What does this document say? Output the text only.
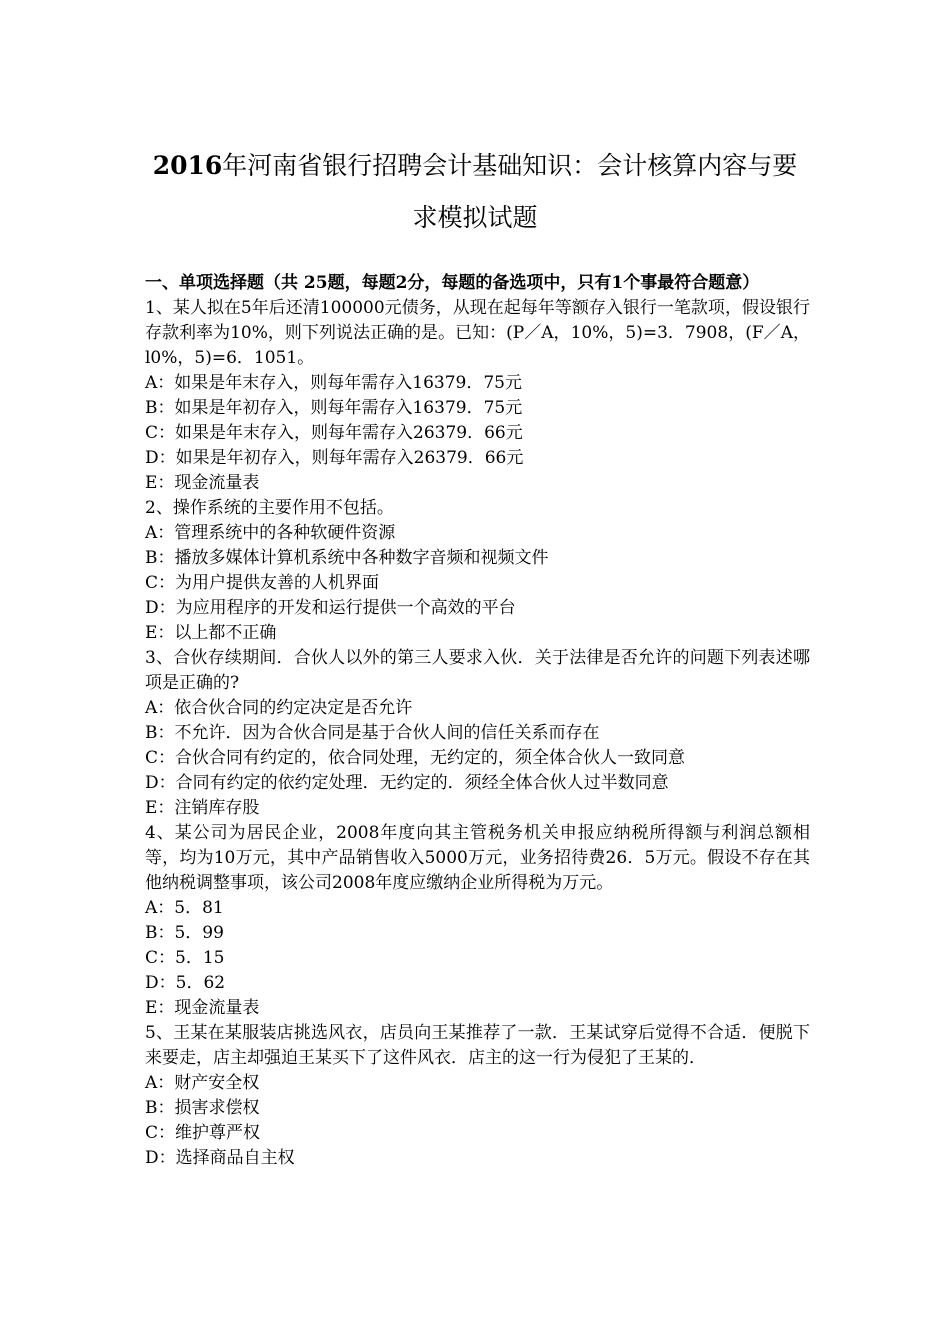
2016年河南省银行招聘会计基础知识：会计核算内容与要
求模拟试题

一、单项选择题（共 25题，每题2分，每题的备选项中，只有1个事最符合题意）

1、某人拟在5年后还清100000元债务，从现在起每年等额存入银行一笔款项，假设银行存款利率为10%，则下列说法正确的是。已知：(P／A，10%，5)=3．7908，(F／A，l0%，5)=6．1051。

A：如果是年末存入，则每年需存入16379．75元

B：如果是年初存入，则每年需存入16379．75元

C：如果是年末存入，则每年需存入26379．66元

D：如果是年初存入，则每年需存入26379．66元

E：现金流量表

2、操作系统的主要作用不包括。

A：管理系统中的各种软硬件资源

B：播放多媒体计算机系统中各种数字音频和视频文件

C：为用户提供友善的人机界面

D：为应用程序的开发和运行提供一个高效的平台

E：以上都不正确

3、合伙存续期间．合伙人以外的第三人要求入伙．关于法律是否允许的问题下列表述哪项是正确的?

A：依合伙合同的约定决定是否允许

B：不允许．因为合伙合同是基于合伙人间的信任关系而存在

C：合伙合同有约定的，依合同处理，无约定的，须全体合伙人一致同意

D：合同有约定的依约定处理．无约定的．须经全体合伙人过半数同意

E：注销库存股

4、某公司为居民企业，2008年度向其主管税务机关申报应纳税所得额与利润总额相等，均为10万元，其中产品销售收入5000万元，业务招待费26．5万元。假设不存在其他纳税调整事项，该公司2008年度应缴纳企业所得税为万元。

A：5．81

B：5．99

C：5．15

D：5．62

E：现金流量表

5、王某在某服装店挑选风衣，店员向王某推荐了一款．王某试穿后觉得不合适．便脱下来要走，店主却强迫王某买下了这件风衣．店主的这一行为侵犯了王某的．

A：财产安全权

B：损害求偿权

C：维护尊严权

D：选择商品自主权
